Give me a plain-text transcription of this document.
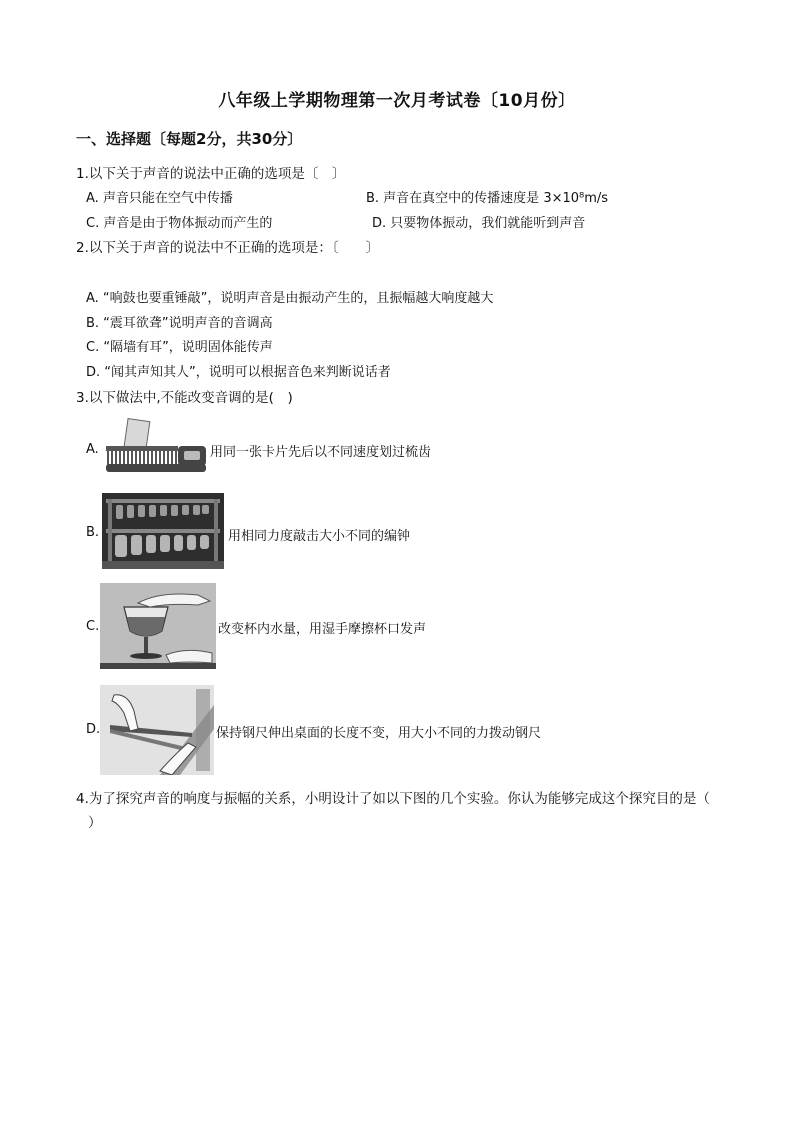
八年级上学期物理第一次月考试卷〔10月份〕
一、选择题〔每题2分，共30分〕
1.以下关于声音的说法中正确的选项是〔　〕
A. 声音只能在空气中传播	B. 声音在真空中的传播速度是 3×10⁸m/s
C. 声音是由于物体振动而产生的	D. 只要物体振动，我们就能听到声音
2.以下关于声音的说法中不正确的选项是：〔　　〕
A. “响鼓也要重锤敲”，说明声音是由振动产生的，且振幅越大响度越大
B. “震耳欲聋”说明声音的音调高
C. “隔墙有耳”，说明固体能传声
D. “闻其声知其人”，说明可以根据音色来判断说话者
3.以下做法中,不能改变音调的是(　)
A.	用同一张卡片先后以不同速度划过梳齿
B.	用相同力度敲击大小不同的编钟
C.	改变杯内水量，用湿手摩擦杯口发声
D.	保持钢尺伸出桌面的长度不变，用大小不同的力拨动钢尺
4.为了探究声音的响度与振幅的关系，小明设计了如以下图的几个实验。你认为能够完成这个探究目的是（
）
